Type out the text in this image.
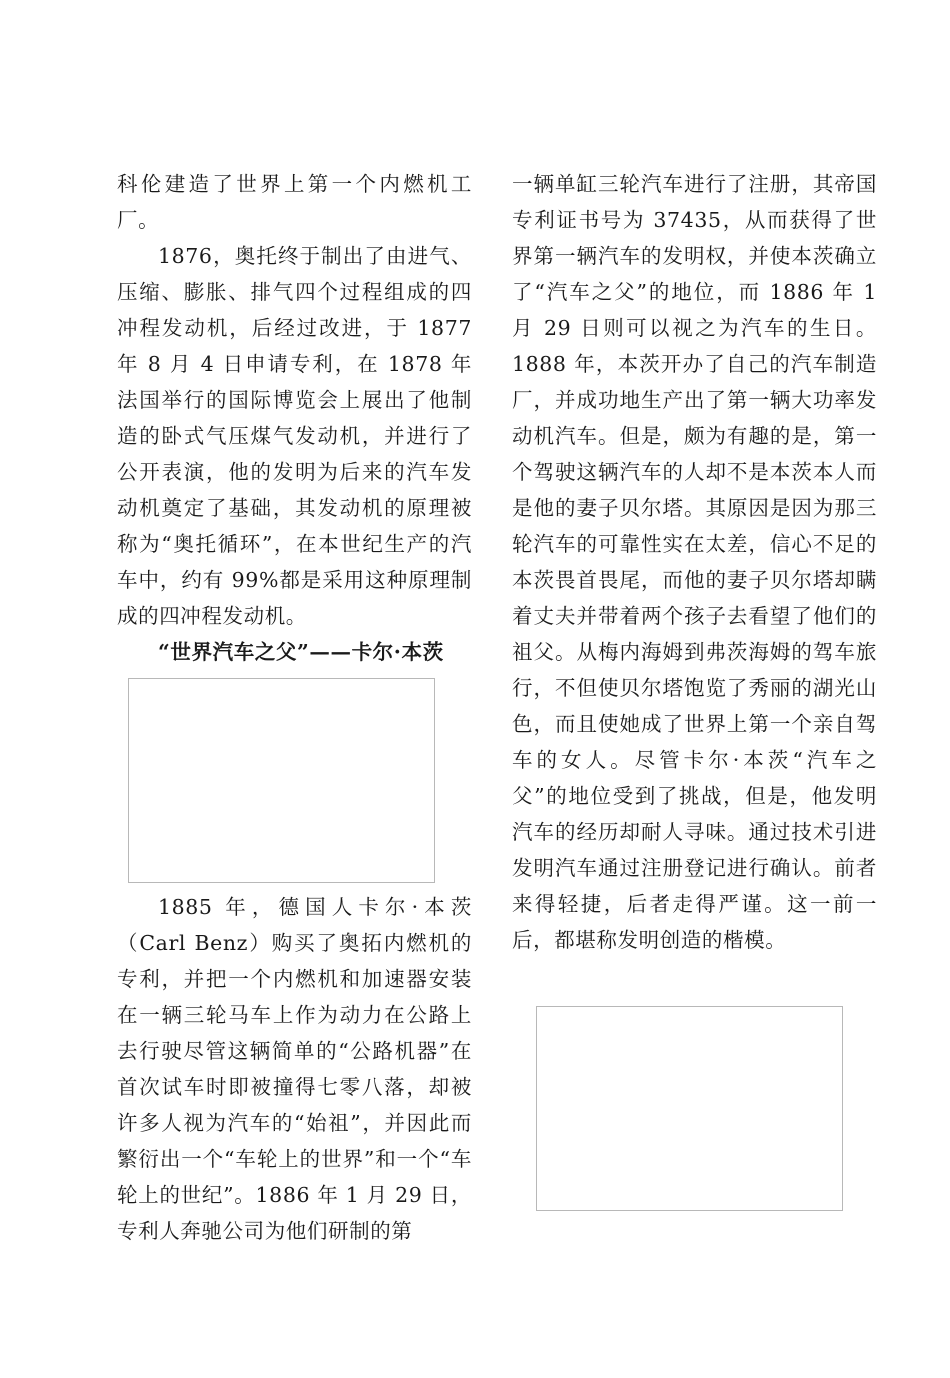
科伦建造了世界上第一个内燃机工厂。

1876，奥托终于制出了由进气、压缩、膨胀、排气四个过程组成的四冲程发动机，后经过改进，于 1877 年 8 月 4 日申请专利，在 1878 年法国举行的国际博览会上展出了他制造的卧式气压煤气发动机，并进行了公开表演，他的发明为后来的汽车发动机奠定了基础，其发动机的原理被称为“奥托循环”，在本世纪生产的汽车中，约有 99%都是采用这种原理制成的四冲程发动机。

“世界汽车之父”——卡尔·本茨

1885 年，德国人卡尔·本茨（Carl Benz）购买了奥拓内燃机的专利，并把一个内燃机和加速器安装在一辆三轮马车上作为动力在公路上去行驶尽管这辆简单的“公路机器”在首次试车时即被撞得七零八落，却被许多人视为汽车的“始祖”，并因此而繁衍出一个“车轮上的世界”和一个“车轮上的世纪”。1886 年 1 月 29 日，专利人奔驰公司为他们研制的第

一辆单缸三轮汽车进行了注册，其帝国专利证书号为 37435，从而获得了世界第一辆汽车的发明权，并使本茨确立了“汽车之父”的地位，而 1886 年 1 月 29 日则可以视之为汽车的生日。1888 年，本茨开办了自己的汽车制造厂，并成功地生产出了第一辆大功率发动机汽车。但是，颇为有趣的是，第一个驾驶这辆汽车的人却不是本茨本人而是他的妻子贝尔塔。其原因是因为那三轮汽车的可靠性实在太差，信心不足的本茨畏首畏尾，而他的妻子贝尔塔却瞒着丈夫并带着两个孩子去看望了他们的祖父。从梅内海姆到弗茨海姆的驾车旅行，不但使贝尔塔饱览了秀丽的湖光山色，而且使她成了世界上第一个亲自驾车的女人。尽管卡尔·本茨“汽车之父”的地位受到了挑战，但是，他发明汽车的经历却耐人寻味。通过技术引进发明汽车通过注册登记进行确认。前者来得轻捷，后者走得严谨。这一前一后，都堪称发明创造的楷模。
